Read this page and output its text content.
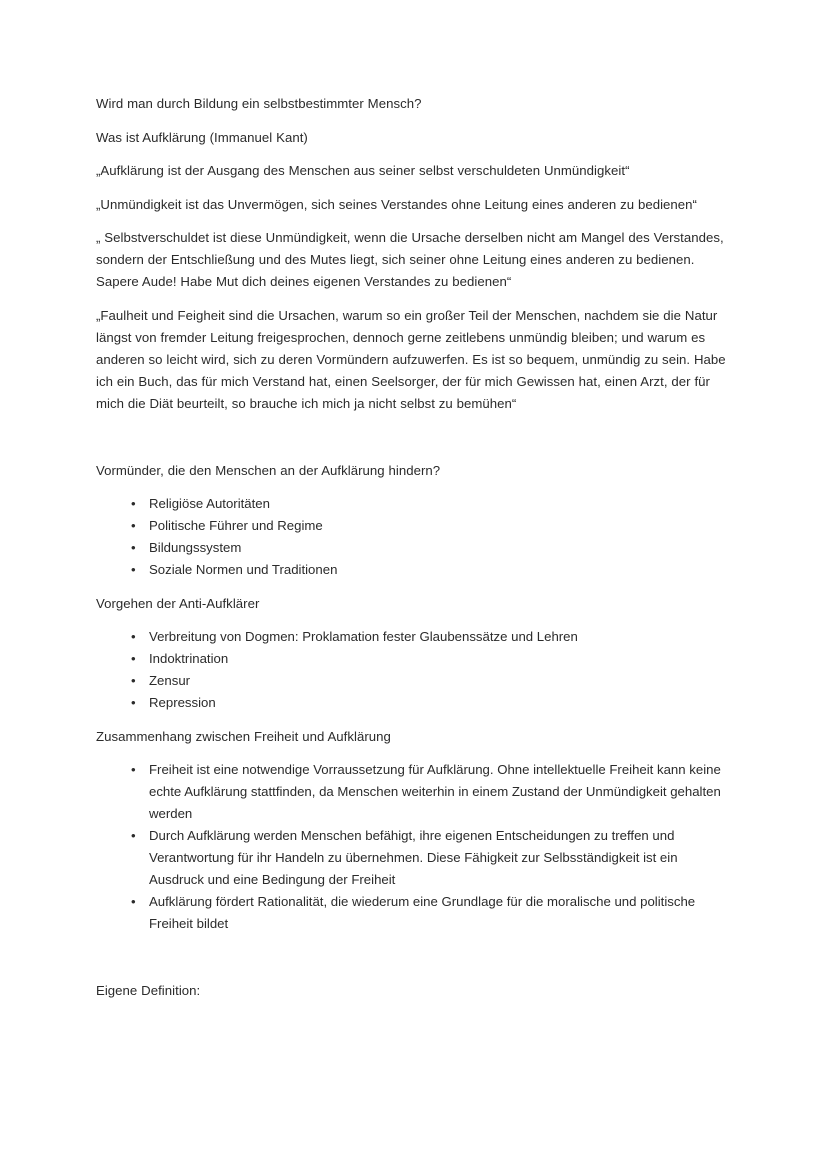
Wird man durch Bildung ein selbstbestimmter Mensch?

Was ist Aufklärung (Immanuel Kant)

„Aufklärung ist der Ausgang des Menschen aus seiner selbst verschuldeten Unmündigkeit“

„Unmündigkeit ist das Unvermögen, sich seines Verstandes ohne Leitung eines anderen zu bedienen“

„ Selbstverschuldet ist diese Unmündigkeit, wenn die Ursache derselben nicht am Mangel des Verstandes, sondern der Entschließung und des Mutes liegt, sich seiner ohne Leitung eines anderen zu bedienen. Sapere Aude! Habe Mut dich deines eigenen Verstandes zu bedienen“

„Faulheit und Feigheit sind die Ursachen, warum so ein großer Teil der Menschen, nachdem sie die Natur längst von fremder Leitung freigesprochen, dennoch gerne zeitlebens unmündig bleiben; und warum es anderen so leicht wird, sich zu deren Vormündern aufzuwerfen. Es ist so bequem, unmündig zu sein. Habe ich ein Buch, das für mich Verstand hat, einen Seelsorger, der für mich Gewissen hat, einen Arzt, der für mich die Diät beurteilt, so brauche ich mich ja nicht selbst zu bemühen“

Vormünder, die den Menschen an der Aufklärung hindern?

• Religiöse Autoritäten
• Politische Führer und Regime
• Bildungssystem
• Soziale Normen und Traditionen

Vorgehen der Anti-Aufklärer

• Verbreitung von Dogmen: Proklamation fester Glaubenssätze und Lehren
• Indoktrination
• Zensur
• Repression

Zusammenhang zwischen Freiheit und Aufklärung

• Freiheit ist eine notwendige Vorraussetzung für Aufklärung. Ohne intellektuelle Freiheit kann keine echte Aufklärung stattfinden, da Menschen weiterhin in einem Zustand der Unmündigkeit gehalten werden
• Durch Aufklärung werden Menschen befähigt, ihre eigenen Entscheidungen zu treffen und Verantwortung für ihr Handeln zu übernehmen. Diese Fähigkeit zur Selbsständigkeit ist ein Ausdruck und eine Bedingung der Freiheit
• Aufklärung fördert Rationalität, die wiederum eine Grundlage für die moralische und politische Freiheit bildet

Eigene Definition:
